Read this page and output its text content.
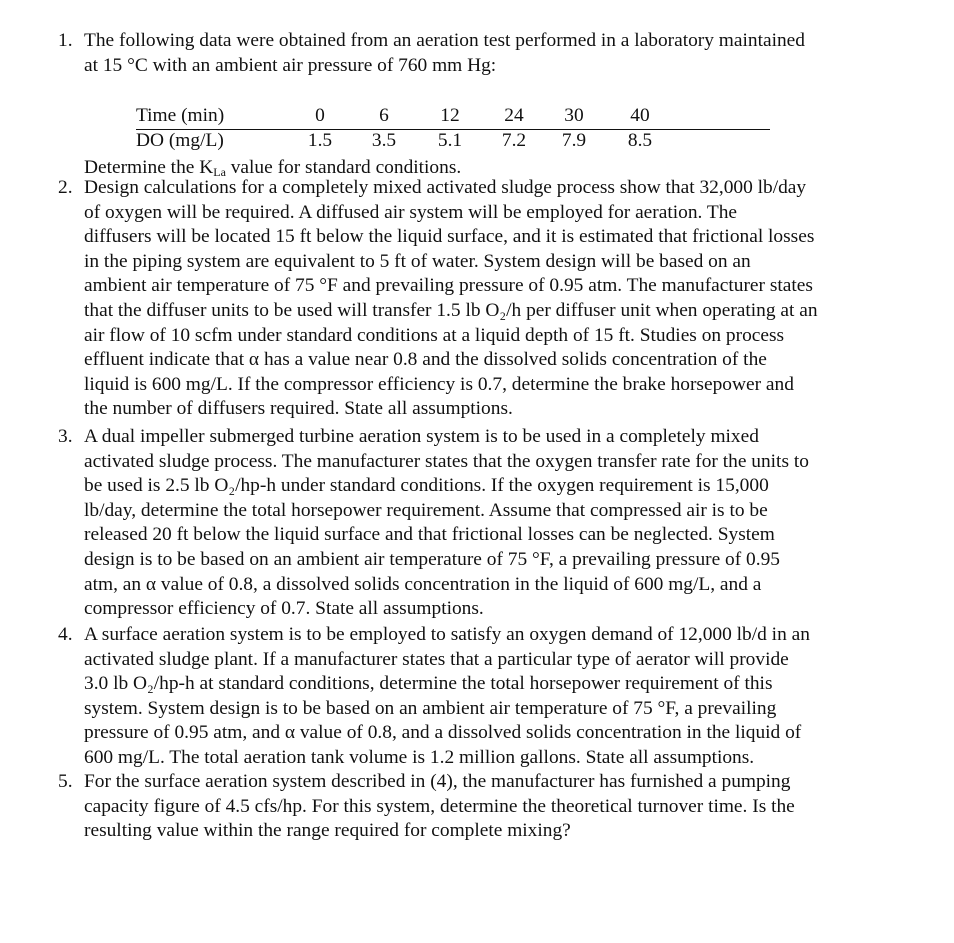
1. The following data were obtained from an aeration test performed in a laboratory maintained
at 15 °C with an ambient air pressure of 760 mm Hg:
Time (min)	0	6	12	24	30	40
DO (mg/L)	1.5	3.5	5.1	7.2	7.9	8.5
Determine the $K_{La}$ value for standard conditions.
2. Design calculations for a completely mixed activated sludge process show that 32,000 lb/day
of oxygen will be required. A diffused air system will be employed for aeration. The
diffusers will be located 15 ft below the liquid surface, and it is estimated that frictional losses
in the piping system are equivalent to 5 ft of water. System design will be based on an
ambient air temperature of 75 °F and prevailing pressure of 0.95 atm. The manufacturer states
that the diffuser units to be used will transfer 1.5 lb O₂/h per diffuser unit when operating at an
air flow of 10 scfm under standard conditions at a liquid depth of 15 ft. Studies on process
effluent indicate that α has a value near 0.8 and the dissolved solids concentration of the
liquid is 600 mg/L. If the compressor efficiency is 0.7, determine the brake horsepower and
the number of diffusers required. State all assumptions.
3. A dual impeller submerged turbine aeration system is to be used in a completely mixed
activated sludge process. The manufacturer states that the oxygen transfer rate for the units to
be used is 2.5 lb O₂/hp-h under standard conditions. If the oxygen requirement is 15,000
lb/day, determine the total horsepower requirement. Assume that compressed air is to be
released 20 ft below the liquid surface and that frictional losses can be neglected. System
design is to be based on an ambient air temperature of 75 °F, a prevailing pressure of 0.95
atm, an α value of 0.8, a dissolved solids concentration in the liquid of 600 mg/L, and a
compressor efficiency of 0.7. State all assumptions.
4. A surface aeration system is to be employed to satisfy an oxygen demand of 12,000 lb/d in an
activated sludge plant. If a manufacturer states that a particular type of aerator will provide
3.0 lb O₂/hp-h at standard conditions, determine the total horsepower requirement of this
system. System design is to be based on an ambient air temperature of 75 °F, a prevailing
pressure of 0.95 atm, and α value of 0.8, and a dissolved solids concentration in the liquid of
600 mg/L. The total aeration tank volume is 1.2 million gallons. State all assumptions.
5. For the surface aeration system described in (4), the manufacturer has furnished a pumping
capacity figure of 4.5 cfs/hp. For this system, determine the theoretical turnover time. Is the
resulting value within the range required for complete mixing?
